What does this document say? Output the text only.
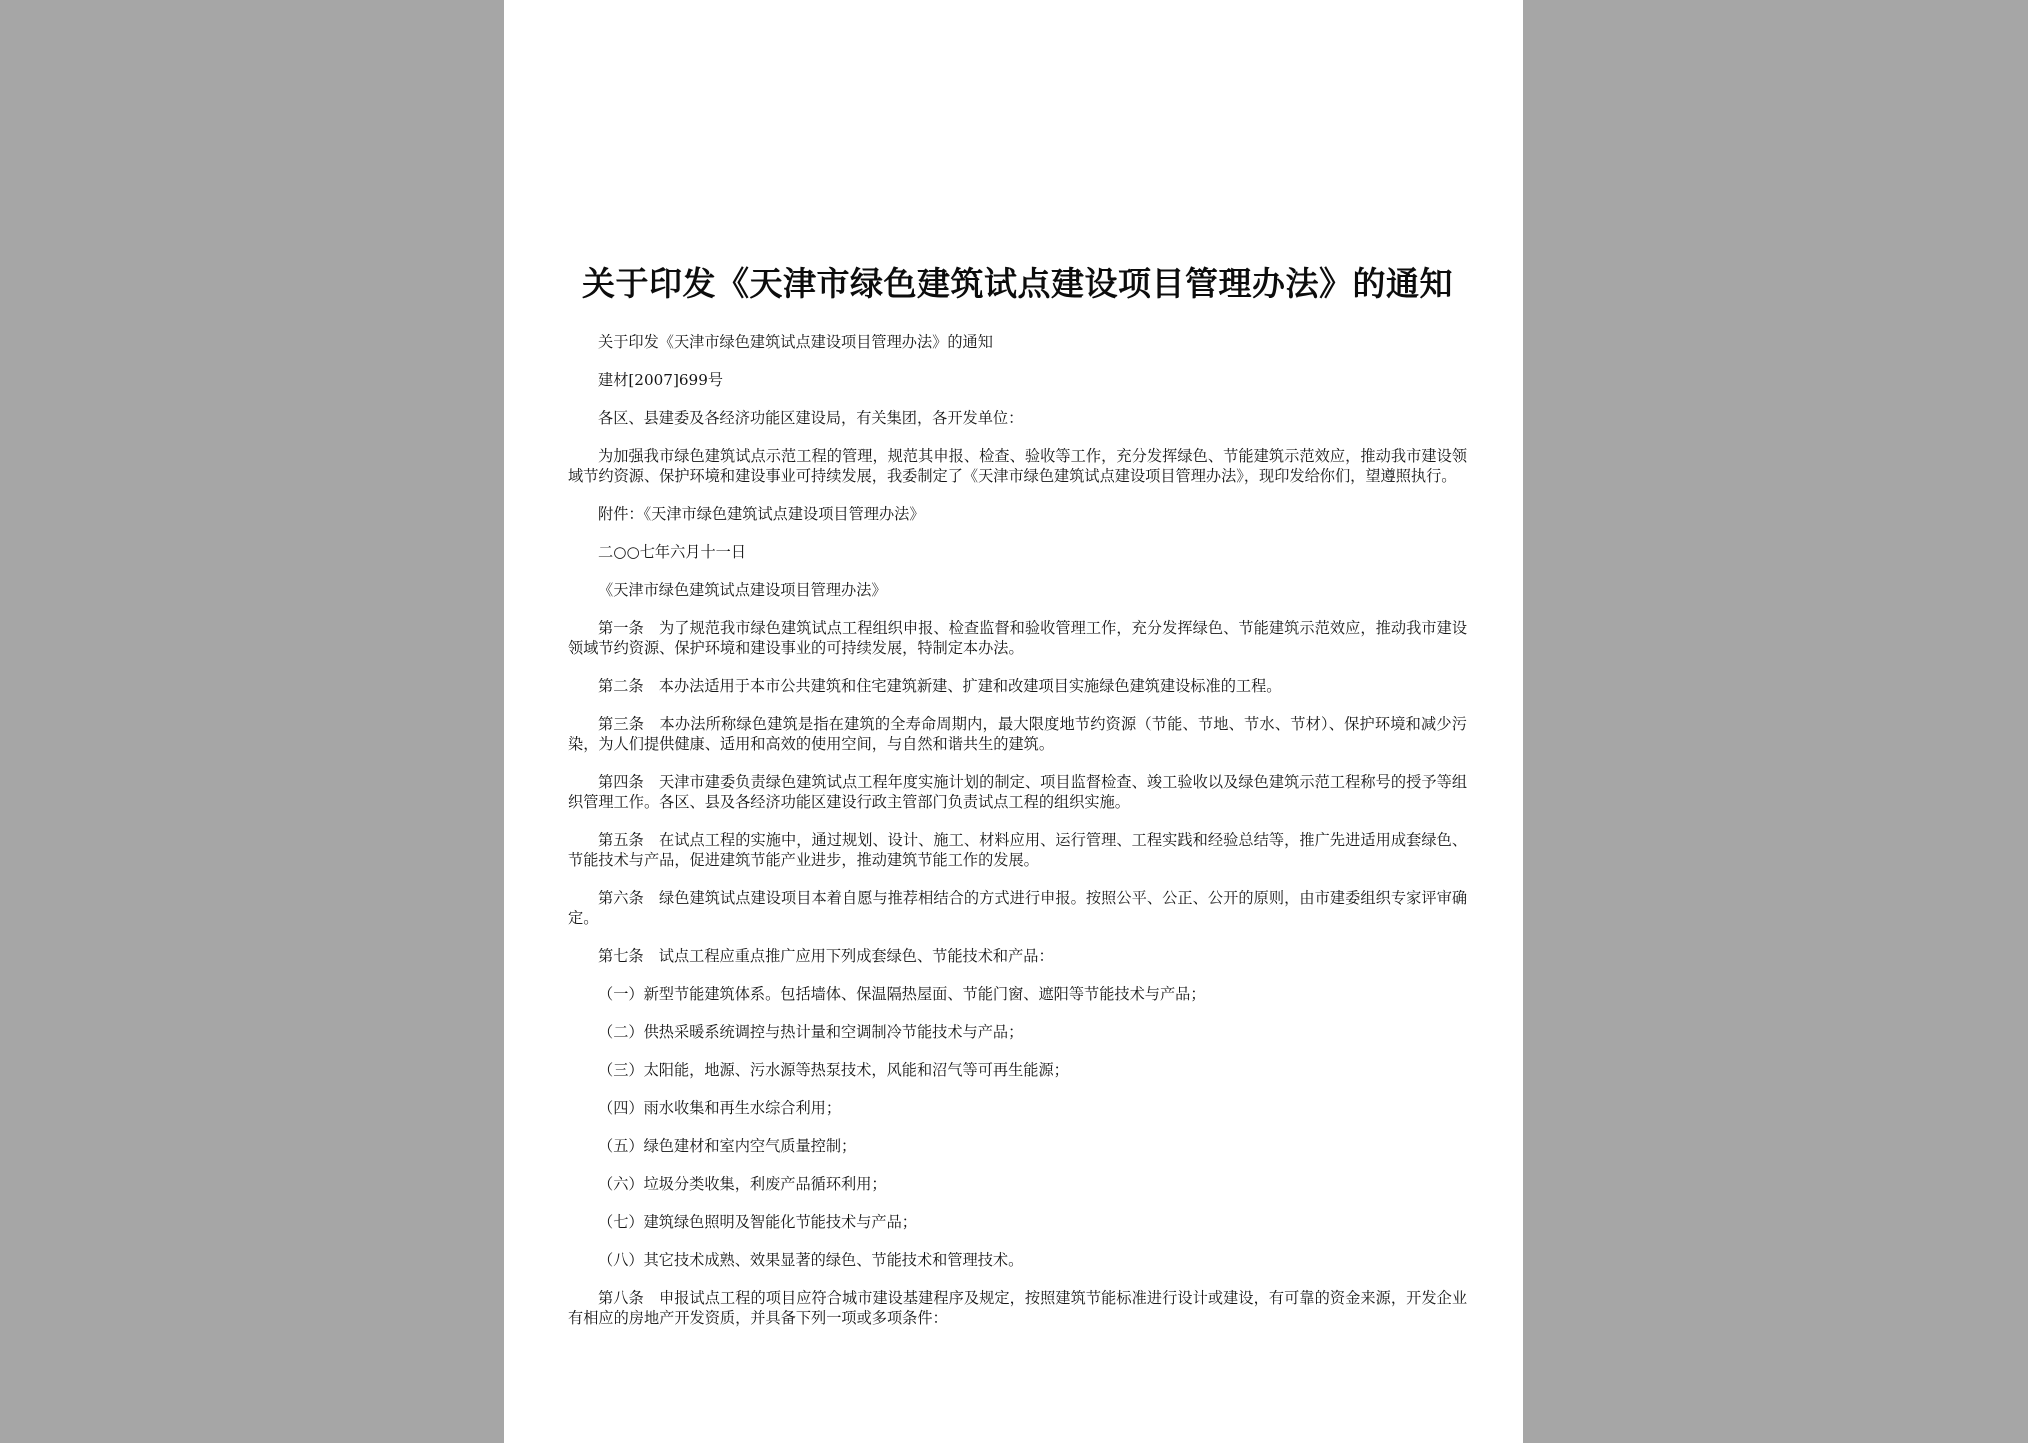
关于印发《天津市绿色建筑试点建设项目管理办法》的通知

关于印发《天津市绿色建筑试点建设项目管理办法》的通知

建材[2007]699号

各区、县建委及各经济功能区建设局，有关集团，各开发单位：

为加强我市绿色建筑试点示范工程的管理，规范其申报、检查、验收等工作，充分发挥绿色、节能建筑示范效应，推动我市建设领域节约资源、保护环境和建设事业可持续发展，我委制定了《天津市绿色建筑试点建设项目管理办法》，现印发给你们，望遵照执行。

附件：《天津市绿色建筑试点建设项目管理办法》

二○○七年六月十一日

《天津市绿色建筑试点建设项目管理办法》

第一条　为了规范我市绿色建筑试点工程组织申报、检查监督和验收管理工作，充分发挥绿色、节能建筑示范效应，推动我市建设领域节约资源、保护环境和建设事业的可持续发展，特制定本办法。

第二条　本办法适用于本市公共建筑和住宅建筑新建、扩建和改建项目实施绿色建筑建设标准的工程。

第三条　本办法所称绿色建筑是指在建筑的全寿命周期内，最大限度地节约资源（节能、节地、节水、节材）、保护环境和减少污染，为人们提供健康、适用和高效的使用空间，与自然和谐共生的建筑。

第四条　天津市建委负责绿色建筑试点工程年度实施计划的制定、项目监督检查、竣工验收以及绿色建筑示范工程称号的授予等组织管理工作。各区、县及各经济功能区建设行政主管部门负责试点工程的组织实施。

第五条　在试点工程的实施中，通过规划、设计、施工、材料应用、运行管理、工程实践和经验总结等，推广先进适用成套绿色、节能技术与产品，促进建筑节能产业进步，推动建筑节能工作的发展。

第六条　绿色建筑试点建设项目本着自愿与推荐相结合的方式进行申报。按照公平、公正、公开的原则，由市建委组织专家评审确定。

第七条　试点工程应重点推广应用下列成套绿色、节能技术和产品：

（一）新型节能建筑体系。包括墙体、保温隔热屋面、节能门窗、遮阳等节能技术与产品；

（二）供热采暖系统调控与热计量和空调制冷节能技术与产品；

（三）太阳能，地源、污水源等热泵技术，风能和沼气等可再生能源；

（四）雨水收集和再生水综合利用；

（五）绿色建材和室内空气质量控制；

（六）垃圾分类收集，利废产品循环利用；

（七）建筑绿色照明及智能化节能技术与产品；

（八）其它技术成熟、效果显著的绿色、节能技术和管理技术。

第八条　申报试点工程的项目应符合城市建设基建程序及规定，按照建筑节能标准进行设计或建设，有可靠的资金来源，开发企业有相应的房地产开发资质，并具备下列一项或多项条件：
